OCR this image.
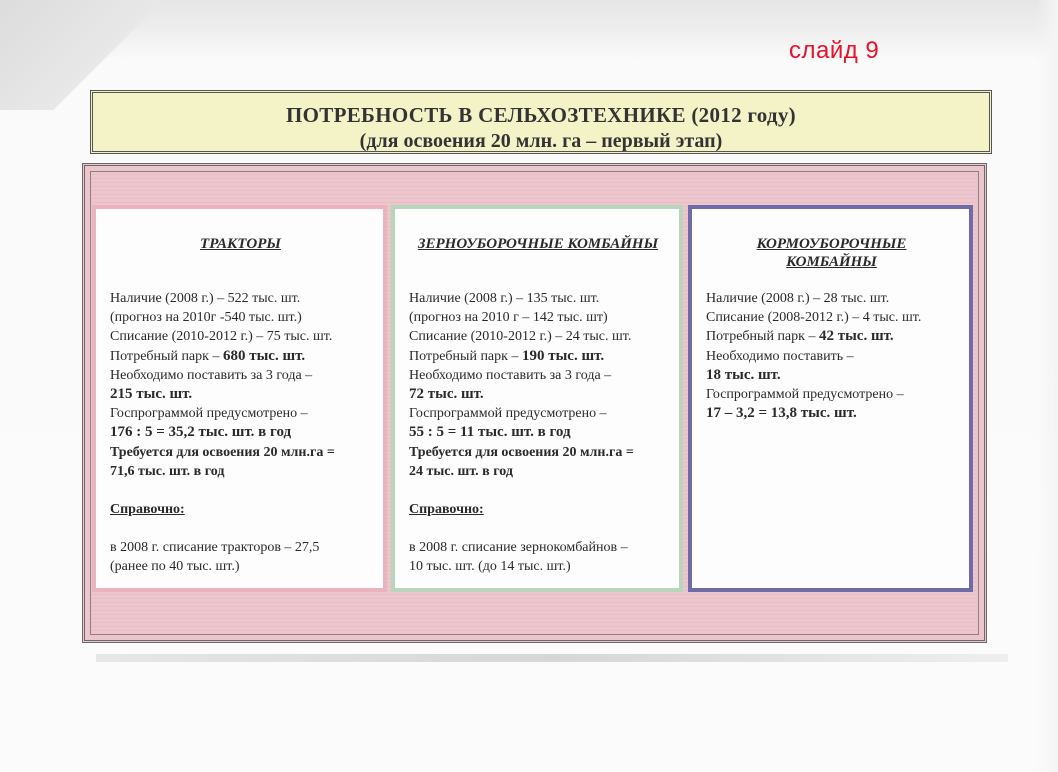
слайд 9
ПОТРЕБНОСТЬ В СЕЛЬХОЗТЕХНИКЕ (2012 году)
(для освоения 20 млн. га – первый этап)
ТРАКТОРЫ
Наличие (2008 г.) – 522 тыс. шт.
(прогноз на 2010г -540 тыс. шт.)
Списание (2010-2012 г.) – 75 тыс. шт.
Потребный парк – 680 тыс. шт.
Необходимо поставить за 3 года –
215 тыс. шт.
Госпрограммой предусмотрено –
176 : 5 = 35,2 тыс. шт. в год
Требуется для освоения 20 млн.га =
71,6 тыс. шт. в год
Справочно:
в 2008 г. списание тракторов – 27,5
(ранее по 40 тыс. шт.)
ЗЕРНОУБОРОЧНЫЕ КОМБАЙНЫ
Наличие (2008 г.) – 135 тыс. шт.
(прогноз на 2010 г – 142 тыс. шт)
Списание (2010-2012 г.) – 24 тыс. шт.
Потребный парк – 190 тыс. шт.
Необходимо поставить за 3 года –
72 тыс. шт.
Госпрограммой предусмотрено –
55 : 5 = 11 тыс. шт. в год
Требуется для освоения 20 млн.га =
24 тыс. шт. в год
Справочно:
в 2008 г. списание зернокомбайнов –
10 тыс. шт. (до 14 тыс. шт.)
КОРМОУБОРОЧНЫЕ
КОМБАЙНЫ
Наличие (2008 г.) – 28 тыс. шт.
Списание (2008-2012 г.) – 4 тыс. шт.
Потребный парк – 42 тыс. шт.
Необходимо поставить –
18 тыс. шт.
Госпрограммой предусмотрено –
17 – 3,2 = 13,8 тыс. шт.
